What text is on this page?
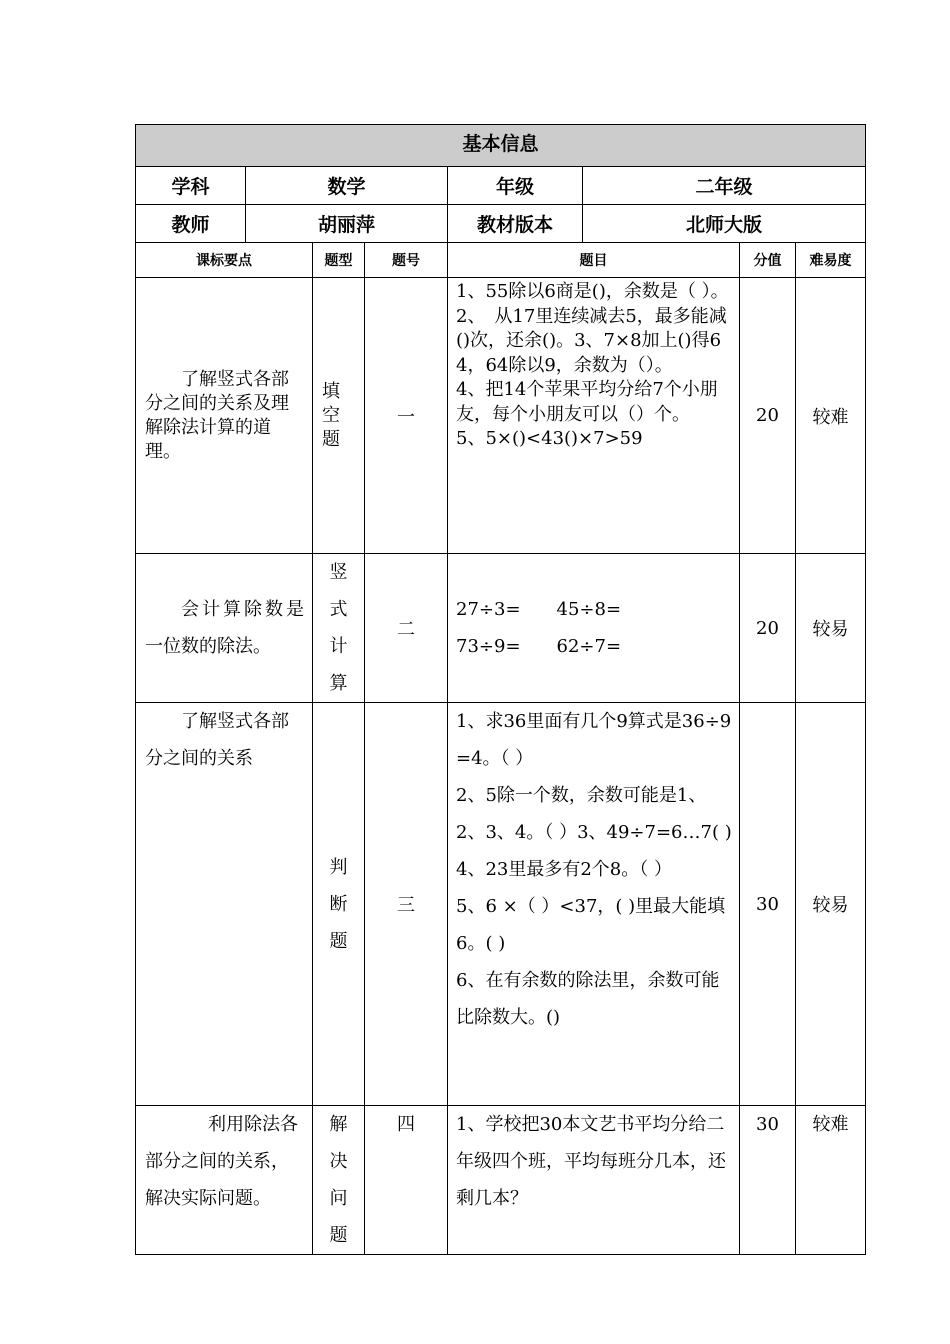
基本信息							
学科	数学			年级	二年级		
教师	胡丽萍			教材版本	北师大版		
课标要点		题型	题号	题目		分值	难易度
了解竖式各部分之间的关系及理解除法计算的道理。		填空题	一	1、55除以6商是()，余数是（ ）。
2、　从17里连续减去5，最多能减()次，还余()。3、7×8加上()得64，64除以9，余数为（）。
4、把14个苹果平均分给7个小朋友，每个小朋友可以（）个。
5、5×()<43()×7>59		20	较难
会计算除数是一位数的除法。		竖式计算	二	27÷3=　　45÷8=
73÷9=　　62÷7=		20	较易
了解竖式各部分之间的关系		判断题	三	1、求36里面有几个9算式是36÷9=4。（ ）
2、5除一个数，余数可能是1、2、3、4。（ ）3、49÷7=6…7( )
4、23里最多有2个8。（ ）
5、6 ×（ ）<37，( )里最大能填6。( )
6、在有余数的除法里，余数可能比除数大。()		30	较易
利用除法各部分之间的关系，解决实际问题。		解决问题	四	1、学校把30本文艺书平均分给二年级四个班，平均每班分几本，还剩几本？		30	较难
